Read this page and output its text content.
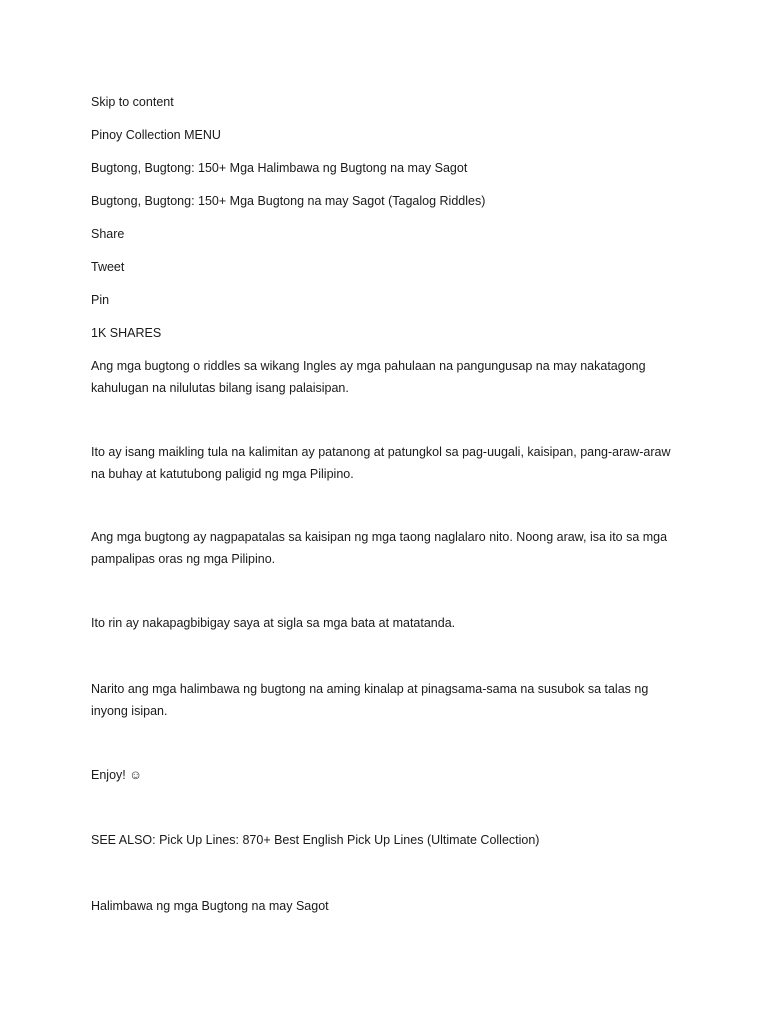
Skip to content
Pinoy Collection MENU
Bugtong, Bugtong: 150+ Mga Halimbawa ng Bugtong na may Sagot
Bugtong, Bugtong: 150+ Mga Bugtong na may Sagot (Tagalog Riddles)
Share
Tweet
Pin
1K SHARES
Ang mga bugtong o riddles sa wikang Ingles ay mga pahulaan na pangungusap na may nakatagong kahulugan na nilulutas bilang isang palaisipan.
Ito ay isang maikling tula na kalimitan ay patanong at patungkol sa pag-uugali, kaisipan, pang-araw-araw na buhay at katutubong paligid ng mga Pilipino.
Ang mga bugtong ay nagpapatalas sa kaisipan ng mga taong naglalaro nito. Noong araw, isa ito sa mga pampalipas oras ng mga Pilipino.
Ito rin ay nakapagbibigay saya at sigla sa mga bata at matatanda.
Narito ang mga halimbawa ng bugtong na aming kinalap at pinagsama-sama na susubok sa talas ng inyong isipan.
Enjoy! ☺
SEE ALSO: Pick Up Lines: 870+ Best English Pick Up Lines (Ultimate Collection)
Halimbawa ng mga Bugtong na may Sagot
